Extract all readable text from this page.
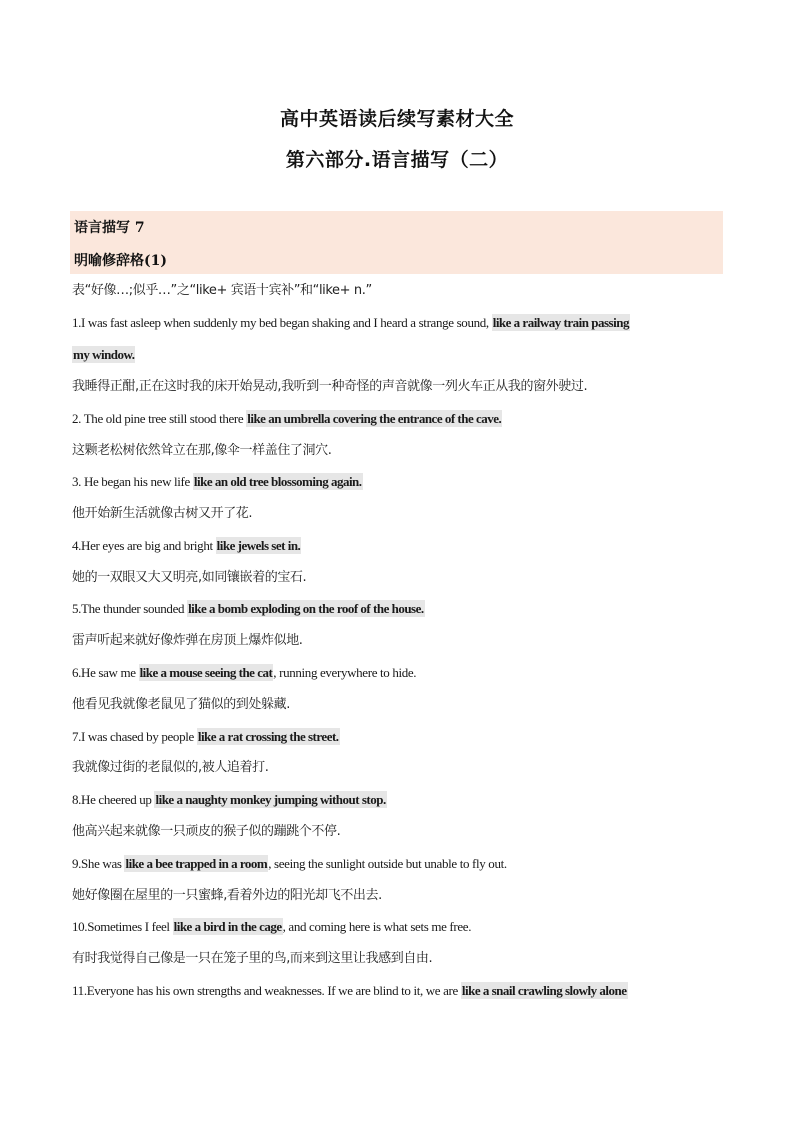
高中英语读后续写素材大全
第六部分.语言描写（二）
语言描写 7
明喻修辞格(1)
表“好像…;似乎…”之“like+ 宾语十宾补”和“like+ n.”
1.I was fast asleep when suddenly my bed began shaking and I heard a strange sound, like a railway train passing
my window.
我睡得正酣,正在这时我的床开始晃动,我听到一种奇怪的声音就像一列火车正从我的窗外驶过.
2. The old pine tree still stood there like an umbrella covering the entrance of the cave.
这颗老松树依然耸立在那,像伞一样盖住了洞穴.
3. He began his new life like an old tree blossoming again.
他开始新生活就像古树又开了花.
4.Her eyes are big and bright like jewels set in.
她的一双眼又大又明亮,如同镶嵌着的宝石.
5.The thunder sounded like a bomb exploding on the roof of the house.
雷声听起来就好像炸弹在房顶上爆炸似地.
6.He saw me like a mouse seeing the cat, running everywhere to hide.
他看见我就像老鼠见了猫似的到处躲藏.
7.I was chased by people like a rat crossing the street.
我就像过街的老鼠似的,被人追着打.
8.He cheered up like a naughty monkey jumping without stop.
他高兴起来就像一只顽皮的猴子似的蹦跳个不停.
9.She was like a bee trapped in a room, seeing the sunlight outside but unable to fly out.
她好像圈在屋里的一只蜜蜂,看着外边的阳光却飞不出去.
10.Sometimes I feel like a bird in the cage, and coming here is what sets me free.
有时我觉得自己像是一只在笼子里的鸟,而来到这里让我感到自由.
11.Everyone has his own strengths and weaknesses. If we are blind to it, we are like a snail crawling slowly alone
